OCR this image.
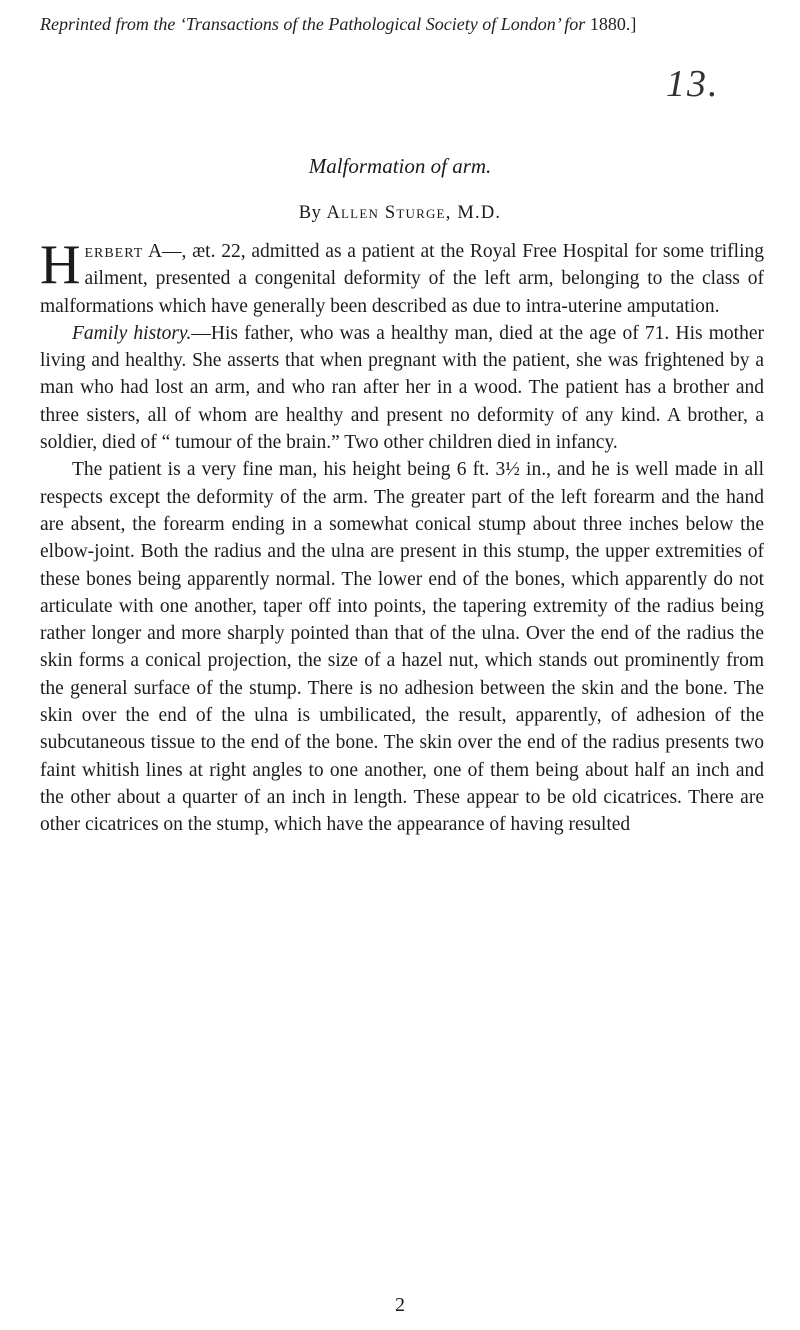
Reprinted from the ‘Transactions of the Pathological Society of London’ for 1880.]
13.
Malformation of arm.
By Allen Sturge, M.D.

Herbert A—, æt. 22, admitted as a patient at the Royal Free Hospital for some trifling ailment, presented a congenital deformity of the left arm, belonging to the class of malformations which have generally been described as due to intra-uterine amputation.

Family history.—His father, who was a healthy man, died at the age of 71. His mother living and healthy. She asserts that when pregnant with the patient, she was frightened by a man who had lost an arm, and who ran after her in a wood. The patient has a brother and three sisters, all of whom are healthy and present no deformity of any kind. A brother, a soldier, died of “ tumour of the brain.” Two other children died in infancy.

The patient is a very fine man, his height being 6 ft. 3½ in., and he is well made in all respects except the deformity of the arm. The greater part of the left forearm and the hand are absent, the forearm ending in a somewhat conical stump about three inches below the elbow-joint. Both the radius and the ulna are present in this stump, the upper extremities of these bones being apparently normal. The lower end of the bones, which apparently do not articulate with one another, taper off into points, the tapering extremity of the radius being rather longer and more sharply pointed than that of the ulna. Over the end of the radius the skin forms a conical projection, the size of a hazel nut, which stands out prominently from the general surface of the stump. There is no adhesion between the skin and the bone. The skin over the end of the ulna is umbilicated, the result, apparently, of adhesion of the subcutaneous tissue to the end of the bone. The skin over the end of the radius presents two faint whitish lines at right angles to one another, one of them being about half an inch and the other about a quarter of an inch in length. These appear to be old cicatrices. There are other cicatrices on the stump, which have the appearance of having resulted

2
